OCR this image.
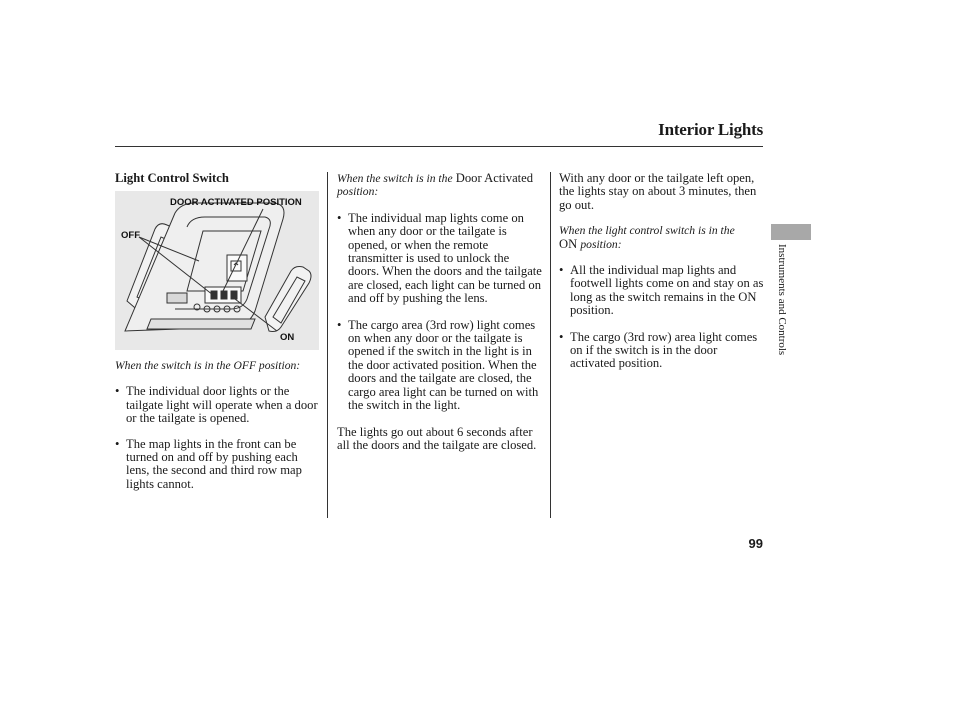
Interior Lights
Light Control Switch
DOOR ACTIVATED POSITION
OFF
ON

When the switch is in the OFF position:

• The individual door lights or the tailgate light will operate when a door or the tailgate is opened.

• The map lights in the front can be turned on and off by pushing each lens, the second and third row map lights cannot.

When the switch is in the Door Activated position:

• The individual map lights come on when any door or the tailgate is opened, or when the remote transmitter is used to unlock the doors. When the doors and the tailgate are closed, each light can be turned on and off by pushing the lens.

• The cargo area (3rd row) light comes on when any door or the tailgate is opened if the switch in the light is in the door activated position. When the doors and the tailgate are closed, the cargo area light can be turned on with the switch in the light.

The lights go out about 6 seconds after all the doors and the tailgate are closed.

With any door or the tailgate left open, the lights stay on about 3 minutes, then go out.

When the light control switch is in the
ON position:

• All the individual map lights and footwell lights come on and stay on as long as the switch remains in the ON position.

• The cargo (3rd row) area light comes on if the switch is in the door activated position.

Instruments and Controls
99
